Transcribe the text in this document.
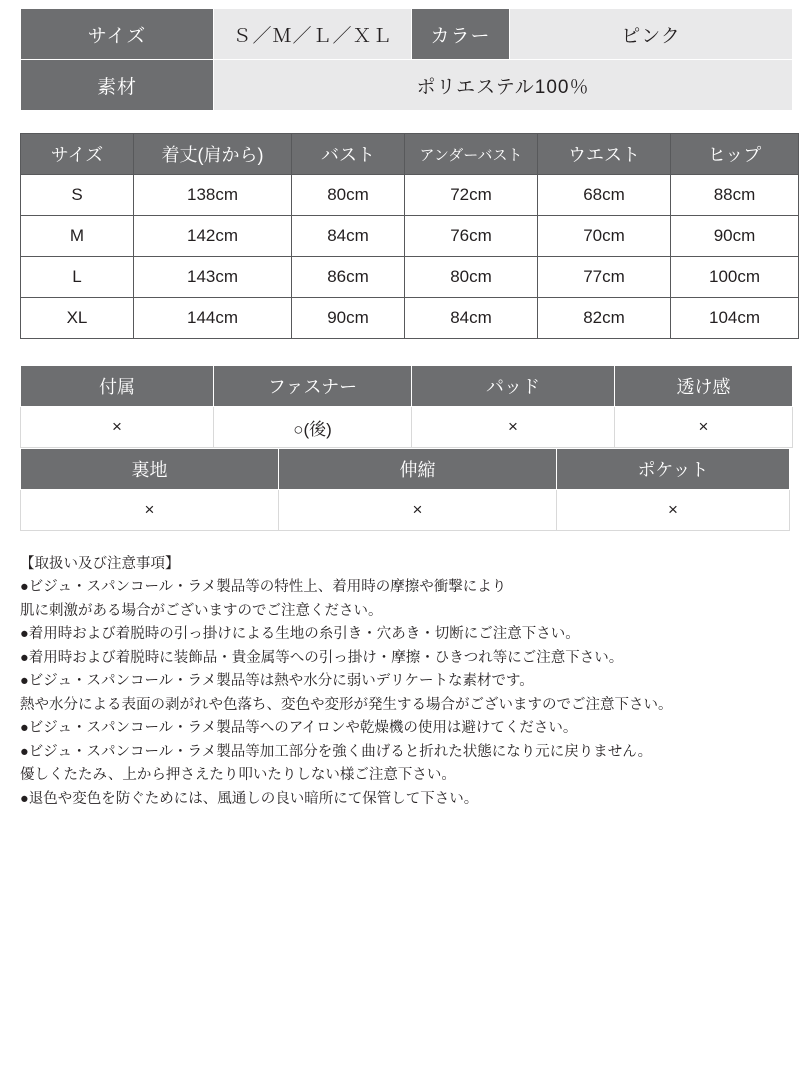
サイズ	Ｓ／Ｍ／Ｌ／ＸＬ	カラー	ピンク
素材	ポリエステル100％		
サイズ	着丈(肩から)	バスト	アンダーバスト	ウエスト	ヒップ
S	138cm	80cm	72cm	68cm	88cm
M	142cm	84cm	76cm	70cm	90cm
L	143cm	86cm	80cm	77cm	100cm
XL	144cm	90cm	84cm	82cm	104cm
付属	ファスナー	パッド	透け感
×	○(後)	×	×
裏地	伸縮	ポケット
×	×	×
【取扱い及び注意事項】
●ビジュ・スパンコール・ラメ製品等の特性上、着用時の摩擦や衝撃により
肌に刺激がある場合がございますのでご注意ください。
●着用時および着脱時の引っ掛けによる生地の糸引き・穴あき・切断にご注意下さい。
●着用時および着脱時に装飾品・貴金属等への引っ掛け・摩擦・ひきつれ等にご注意下さい。
●ビジュ・スパンコール・ラメ製品等は熱や水分に弱いデリケートな素材です。
熱や水分による表面の剥がれや色落ち、変色や変形が発生する場合がございますのでご注意下さい。
●ビジュ・スパンコール・ラメ製品等へのアイロンや乾燥機の使用は避けてください。
●ビジュ・スパンコール・ラメ製品等加工部分を強く曲げると折れた状態になり元に戻りません。
優しくたたみ、上から押さえたり叩いたりしない様ご注意下さい。
●退色や変色を防ぐためには、風通しの良い暗所にて保管して下さい。
